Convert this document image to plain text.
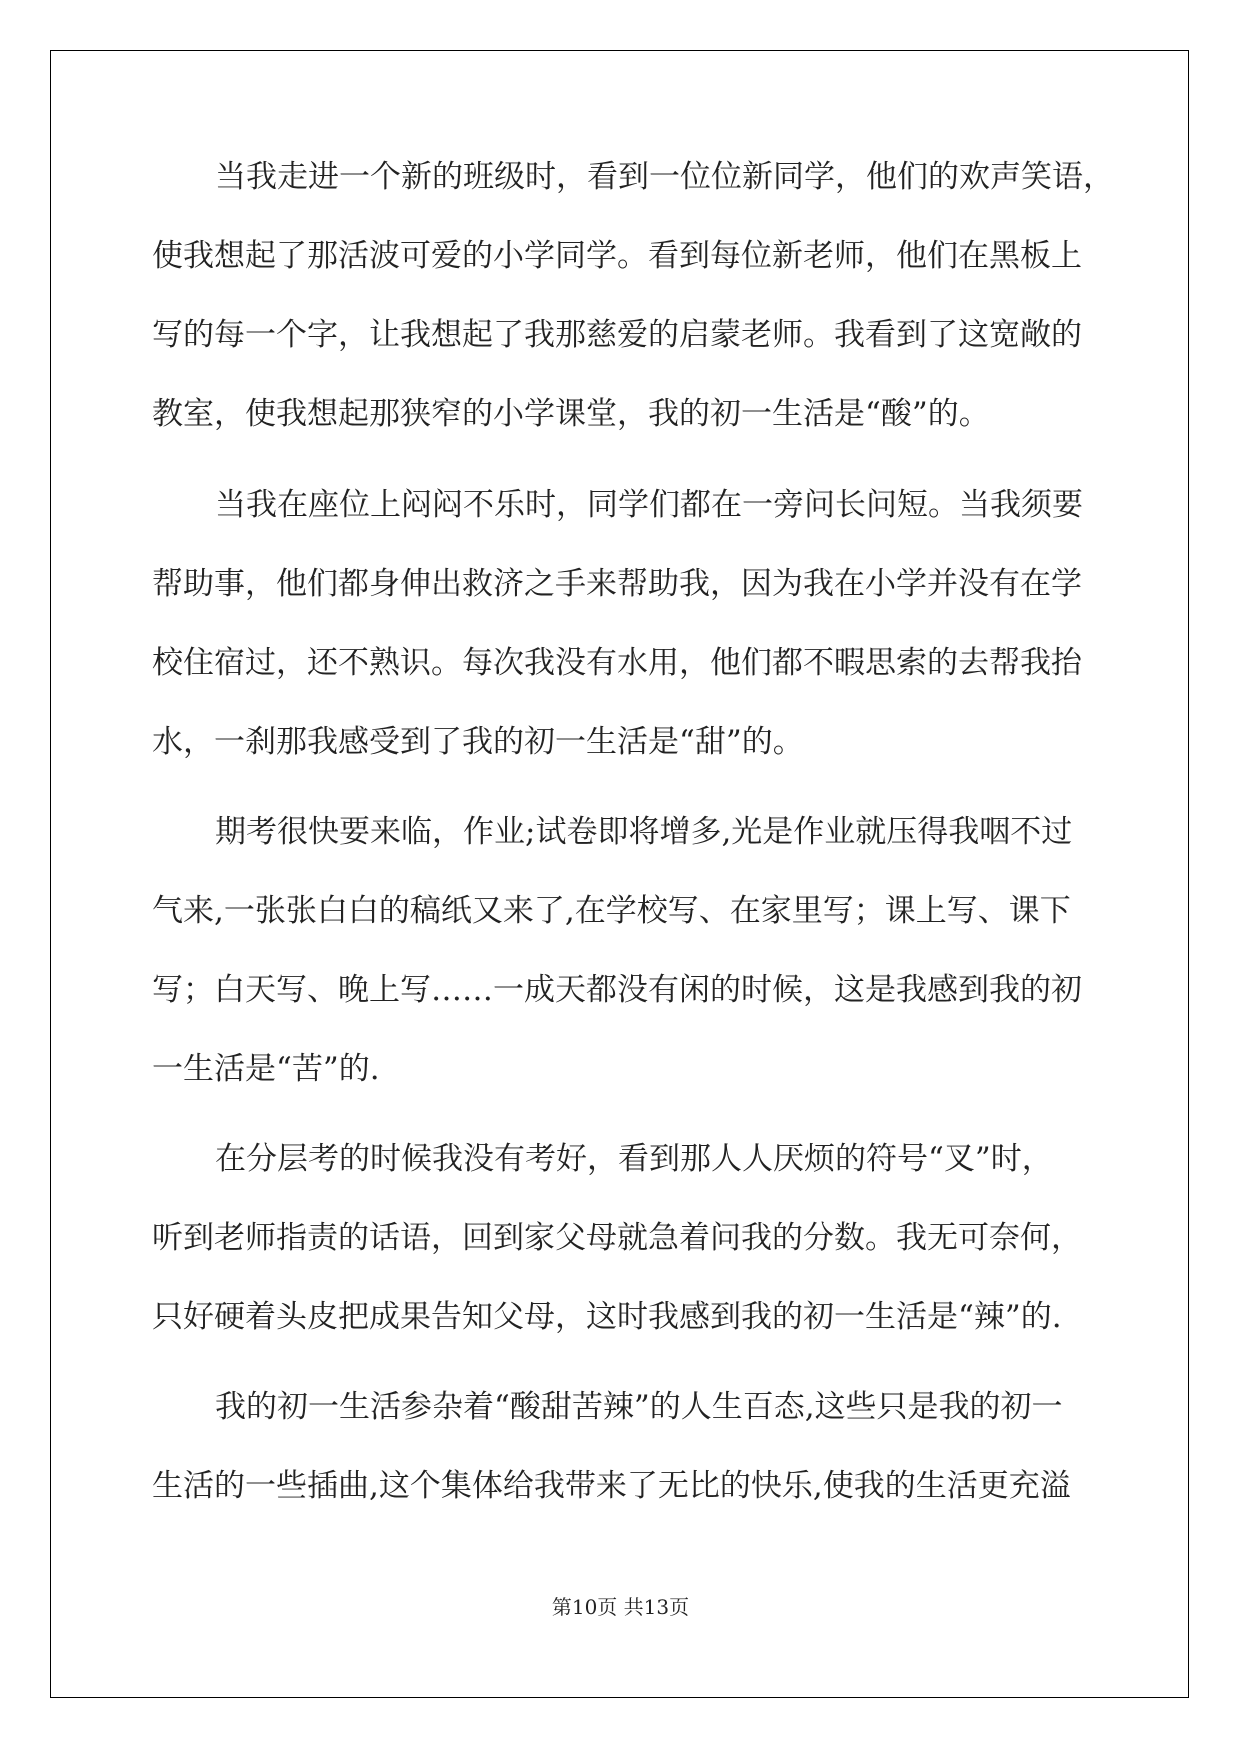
当我走进一个新的班级时，看到一位位新同学，他们的欢声笑语，
使我想起了那活波可爱的小学同学。看到每位新老师，他们在黑板上
写的每一个字，让我想起了我那慈爱的启蒙老师。我看到了这宽敞的
教室，使我想起那狭窄的小学课堂，我的初一生活是“酸”的。
当我在座位上闷闷不乐时，同学们都在一旁问长问短。当我须要
帮助事，他们都身伸出救济之手来帮助我，因为我在小学并没有在学
校住宿过，还不熟识。每次我没有水用，他们都不暇思索的去帮我抬
水，一刹那我感受到了我的初一生活是“甜”的。
期考很快要来临，作业;试卷即将增多,光是作业就压得我咽不过
气来,一张张白白的稿纸又来了,在学校写、在家里写；课上写、课下
写；白天写、晚上写……一成天都没有闲的时候，这是我感到我的初
一生活是“苦”的.
在分层考的时候我没有考好，看到那人人厌烦的符号“叉”时，
听到老师指责的话语，回到家父母就急着问我的分数。我无可奈何，
只好硬着头皮把成果告知父母，这时我感到我的初一生活是“辣”的.
我的初一生活参杂着“酸甜苦辣”的人生百态,这些只是我的初一
生活的一些插曲,这个集体给我带来了无比的快乐,使我的生活更充溢
第10页 共13页
